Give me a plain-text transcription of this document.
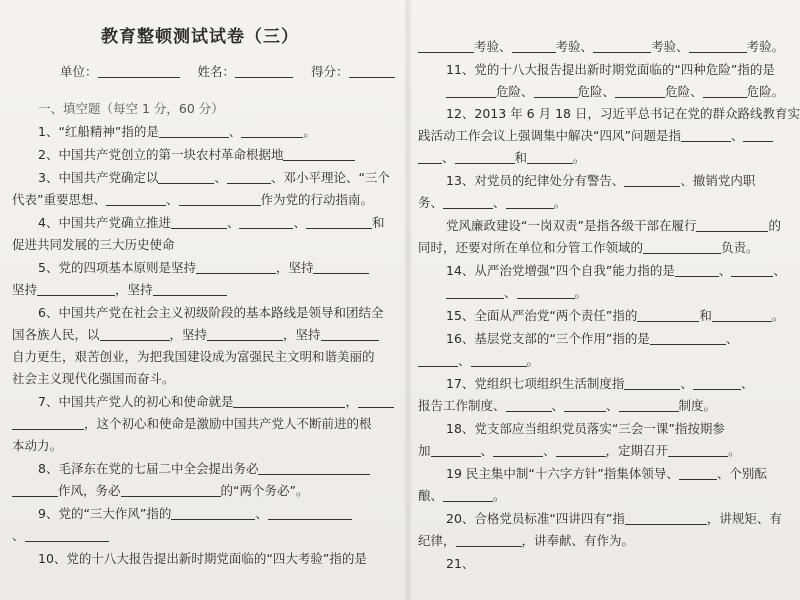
教育整顿测试试卷（三）
单位：	姓名：	得分：
一、填空题（每空 1 分，60 分）
1、“红船精神”指的是	、	。
2、中国共产党创立的第一块农村革命根据地
3、中国共产党确定以	、	、邓小平理论、“三个
代表”重要思想、	、	作为党的行动指南。
4、中国共产党确立推进	、	、	和
促进共同发展的三大历史使命
5、党的四项基本原则是坚持	，坚持
坚持	，坚持
6、中国共产党在社会主义初级阶段的基本路线是领导和团结全
国各族人民，以	，坚持	，坚持
自力更生，艰苦创业，为把我国建设成为富强民主文明和谐美丽的
社会主义现代化强国而奋斗。
7、中国共产党人的初心和使命就是	，
，这个初心和使命是激励中国共产党人不断前进的根
本动力。
8、毛泽东在党的七届二中全会提出务必
作风，务必	的“两个务必”。
9、党的“三大作风”指的	、
、
10、党的十八大报告提出新时期党面临的“四大考验”指的是
考验、	考验、	考验、	考验。
11、党的十八大报告提出新时期党面临的“四种危险”指的是
危险、	危险、	危险、	危险。
12、2013 年 6 月 18 日，习近平总书记在党的群众路线教育实
践活动工作会议上强调集中解决“四风”问题是指	、
、	和	。
13、对党员的纪律处分有警告、	、撤销党内职
务、	、	。
党风廉政建设“一岗双责”是指各级干部在履行	的
同时，还要对所在单位和分管工作领域的	负责。
14、从严治党增强“四个自我”能力指的是	、	、
、	。
15、全面从严治党“两个责任”指的	和	。
16、基层党支部的“三个作用”指的是	、
、	。
17、党组织七项组织生活制度指	、	、
报告工作制度、	、	、	制度。
18、党支部应当组织党员落实“三会一课”指按期参
加	、	、	，定期召开	。
19 民主集中制“十六字方针”指集体领导、	、个别酝
酿、	。
20、合格党员标准“四讲四有”指	，讲规矩、有
纪律，	，讲奉献、有作为。
21、
